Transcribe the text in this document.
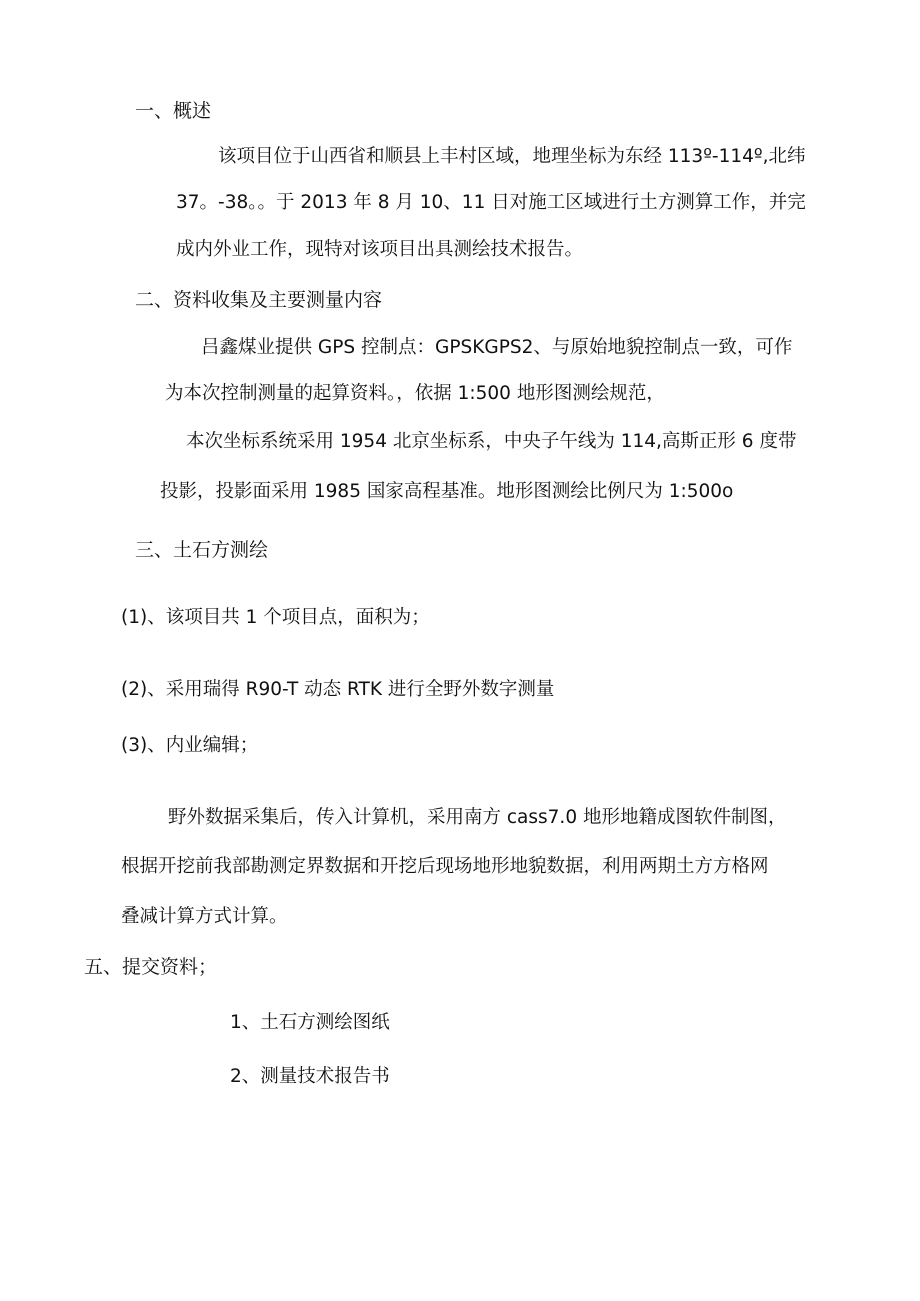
一、概述
该项目位于山西省和顺县上丰村区域，地理坐标为东经 113º-114º,北纬
37。-38。。于 2013 年 8 月 10、11 日对施工区域进行土方测算工作，并完
成内外业工作，现特对该项目出具测绘技术报告。
二、资料收集及主要测量内容
吕鑫煤业提供 GPS 控制点：GPSKGPS2、与原始地貌控制点一致，可作
为本次控制测量的起算资料。，依据 1:500 地形图测绘规范，
本次坐标系统采用 1954 北京坐标系，中央子午线为 114,高斯正形 6 度带
投影，投影面采用 1985 国家高程基准。地形图测绘比例尺为 1:500o
三、土石方测绘
(1)、该项目共 1 个项目点，面积为；
(2)、采用瑞得 R90-T 动态 RTK 进行全野外数字测量
(3)、内业编辑；
野外数据采集后，传入计算机，采用南方 cass7.0 地形地籍成图软件制图，
根据开挖前我部勘测定界数据和开挖后现场地形地貌数据，利用两期土方方格网
叠减计算方式计算。
五、提交资料；
1、土石方测绘图纸
2、测量技术报告书
